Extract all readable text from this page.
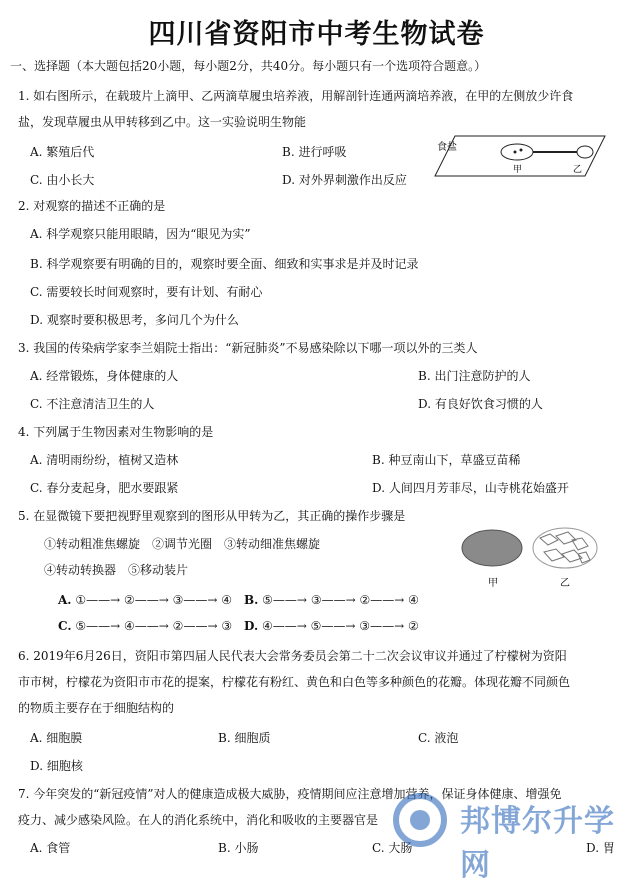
四川省资阳市中考生物试卷
一、选择题（本大题包括20小题，每小题2分，共40分。每小题只有一个选项符合题意。）
1. 如右图所示，在载玻片上滴甲、乙两滴草履虫培养液，用解剖针连通两滴培养液，在甲的左侧放少许食
盐，发现草履虫从甲转移到乙中。这一实验说明生物能
A. 繁殖后代	B. 进行呼吸
C. 由小长大	D. 对外界刺激作出反应
食盐
甲	乙
2. 对观察的描述不正确的是
A. 科学观察只能用眼睛，因为“眼见为实”
B. 科学观察要有明确的目的，观察时要全面、细致和实事求是并及时记录
C. 需要较长时间观察时，要有计划、有耐心
D. 观察时要积极思考，多问几个为什么
3. 我国的传染病学家李兰娟院士指出：“新冠肺炎”不易感染除以下哪一项以外的三类人
A. 经常锻炼，身体健康的人	B. 出门注意防护的人
C. 不注意清洁卫生的人	D. 有良好饮食习惯的人
4. 下列属于生物因素对生物影响的是
A. 清明雨纷纷，植树又造林	B. 种豆南山下，草盛豆苗稀
C. 春分麦起身，肥水要跟紧	D. 人间四月芳菲尽，山寺桃花始盛开
5. 在显微镜下要把视野里观察到的图形从甲转为乙，其正确的操作步骤是
①转动粗准焦螺旋　②调节光圈　③转动细准焦螺旋
④转动转换器　⑤移动装片
A. ①——→ ②——→ ③——→ ④ B. ⑤——→ ③——→ ②——→ ④
C. ⑤——→ ④——→ ②——→ ③ D. ④——→ ⑤——→ ③——→ ②
甲	乙
6. 2019年6月26日，资阳市第四届人民代表大会常务委员会第二十二次会议审议并通过了柠檬树为资阳
市市树，柠檬花为资阳市市花的提案，柠檬花有粉红、黄色和白色等多种颜色的花瓣。体现花瓣不同颜色
的物质主要存在于细胞结构的
A. 细胞膜	B. 细胞质	C. 液泡
D. 细胞核
7. 今年突发的“新冠疫情”对人的健康造成极大威胁，疫情期间应注意增加营养，保证身体健康、增强免
疫力、减少感染风险。在人的消化系统中，消化和吸收的主要器官是
A. 食管	B. 小肠	C. 大肠	D. 胃
邦博尔升学网
